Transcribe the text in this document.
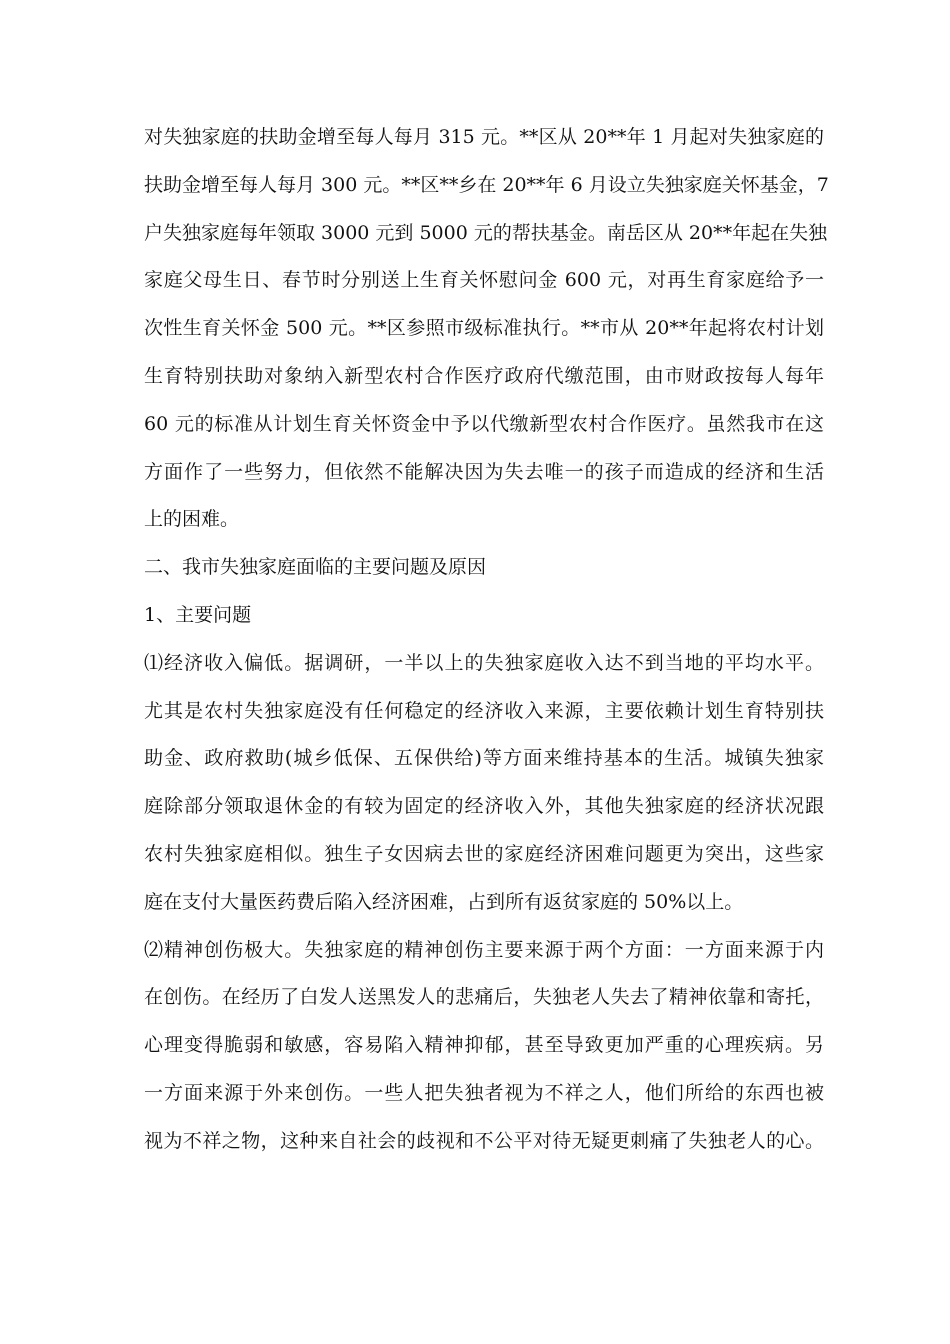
对失独家庭的扶助金增至每人每月 315 元。**区从 20**年 1 月起对失独家庭的
扶助金增至每人每月 300 元。**区**乡在 20**年 6 月设立失独家庭关怀基金，7
户失独家庭每年领取 3000 元到 5000 元的帮扶基金。南岳区从 20**年起在失独
家庭父母生日、春节时分别送上生育关怀慰问金 600 元，对再生育家庭给予一
次性生育关怀金 500 元。**区参照市级标准执行。**市从 20**年起将农村计划
生育特别扶助对象纳入新型农村合作医疗政府代缴范围，由市财政按每人每年
60 元的标准从计划生育关怀资金中予以代缴新型农村合作医疗。虽然我市在这
方面作了一些努力，但依然不能解决因为失去唯一的孩子而造成的经济和生活
上的困难。
二、我市失独家庭面临的主要问题及原因
1、主要问题
⑴经济收入偏低。据调研，一半以上的失独家庭收入达不到当地的平均水平。
尤其是农村失独家庭没有任何稳定的经济收入来源，主要依赖计划生育特别扶
助金、政府救助(城乡低保、五保供给)等方面来维持基本的生活。城镇失独家
庭除部分领取退休金的有较为固定的经济收入外，其他失独家庭的经济状况跟
农村失独家庭相似。独生子女因病去世的家庭经济困难问题更为突出，这些家
庭在支付大量医药费后陷入经济困难，占到所有返贫家庭的 50%以上。
⑵精神创伤极大。失独家庭的精神创伤主要来源于两个方面：一方面来源于内
在创伤。在经历了白发人送黑发人的悲痛后，失独老人失去了精神依靠和寄托，
心理变得脆弱和敏感，容易陷入精神抑郁，甚至导致更加严重的心理疾病。另
一方面来源于外来创伤。一些人把失独者视为不祥之人，他们所给的东西也被
视为不祥之物，这种来自社会的歧视和不公平对待无疑更刺痛了失独老人的心。
